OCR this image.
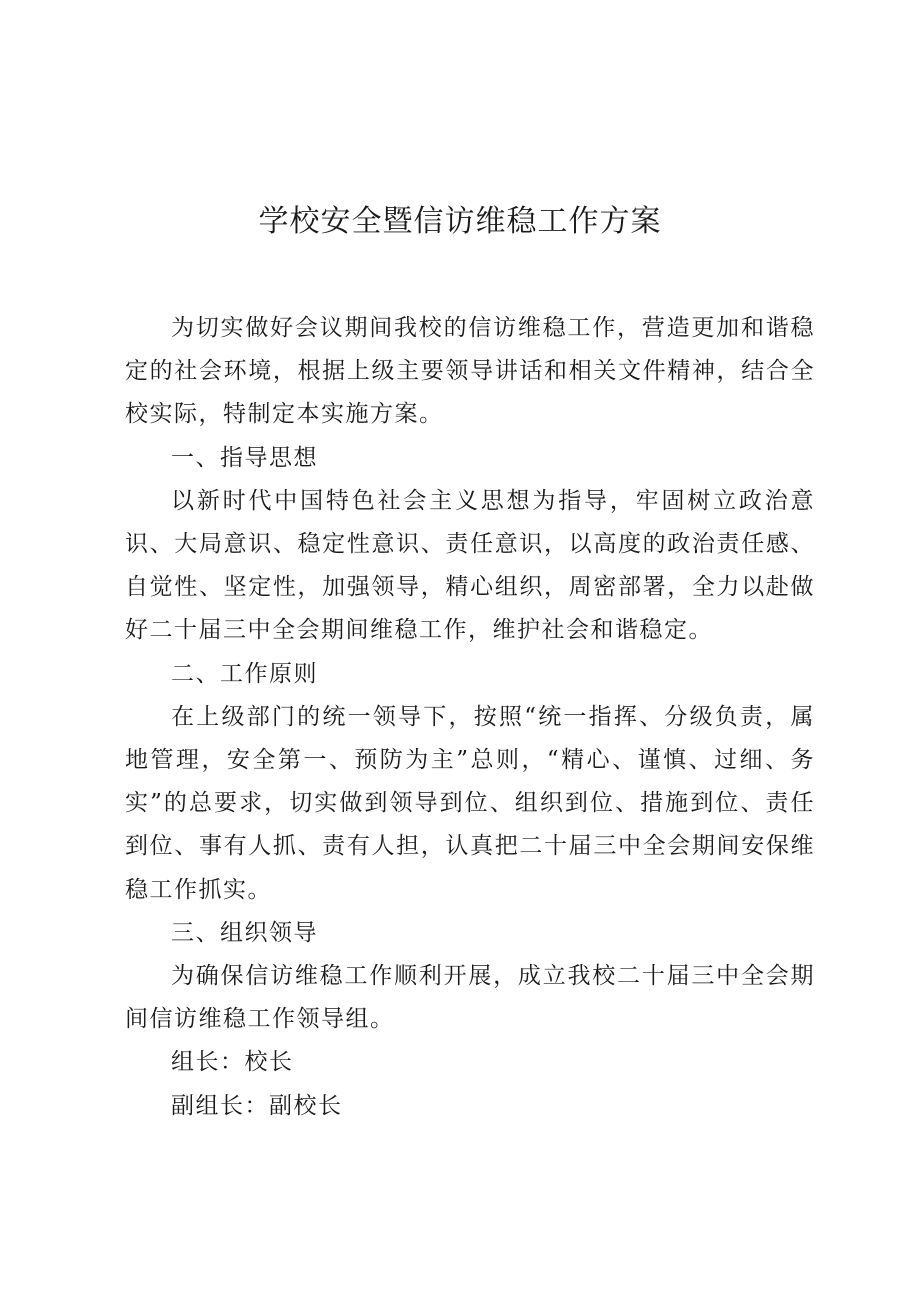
学校安全暨信访维稳工作方案

为切实做好会议期间我校的信访维稳工作，营造更加和谐稳定的社会环境，根据上级主要领导讲话和相关文件精神，结合全校实际，特制定本实施方案。

一、指导思想

以新时代中国特色社会主义思想为指导，牢固树立政治意识、大局意识、稳定性意识、责任意识，以高度的政治责任感、自觉性、坚定性，加强领导，精心组织，周密部署，全力以赴做好二十届三中全会期间维稳工作，维护社会和谐稳定。

二、工作原则

在上级部门的统一领导下，按照“统一指挥、分级负责，属地管理，安全第一、预防为主”总则，“精心、谨慎、过细、务实”的总要求，切实做到领导到位、组织到位、措施到位、责任到位、事有人抓、责有人担，认真把二十届三中全会期间安保维稳工作抓实。

三、组织领导

为确保信访维稳工作顺利开展，成立我校二十届三中全会期间信访维稳工作领导组。

组长：校长

副组长：副校长
